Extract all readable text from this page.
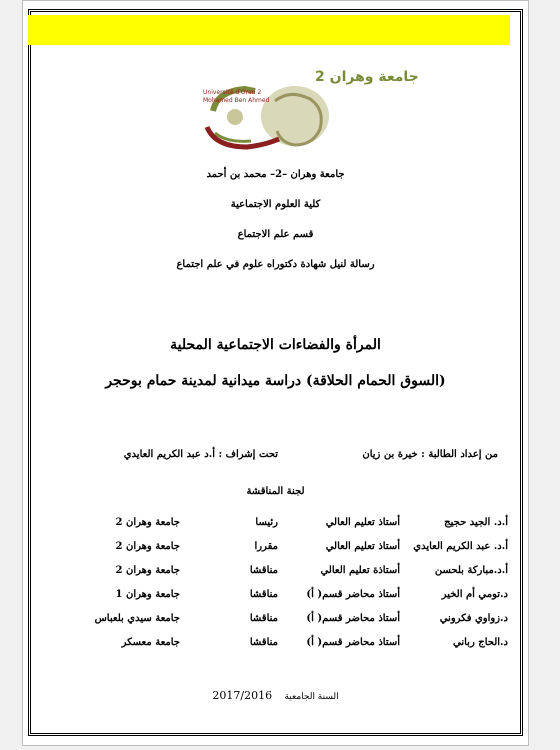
جامعة وهران 2
Université d'Oran 2
Mohamed Ben Ahmed
جامعة وهران –2– محمد بن أحمد
كلية العلوم الاجتماعية
قسم علم الاجتماع
رسالة لنيل شهادة دكتوراه علوم في علم اجتماع
المرأة والفضاءات الاجتماعية المحلية
(السوق الحمام الحلاقة) دراسة ميدانية لمدينة حمام بوحجر
من إعداد الطالبة : خيرة بن زيان
تحت إشراف : أ.د عبد الكريم العايدي
لجنة المناقشة
أ.د. الجيد حجيج
أستاذ تعليم العالي
رئيسا
جامعة وهران 2
أ.د. عبد الكريم العايدي
أستاذ تعليم العالي
مقررا
جامعة وهران 2
أ.د.مباركة بلحسن
أستاذة تعليم العالي
مناقشا
جامعة وهران 2
د.تومي أم الخير
أستاذ محاضر قسم( أ)
مناقشا
جامعة وهران 1
د.زواوي فكروني
أستاذ محاضر قسم( أ)
مناقشا
جامعة سيدي بلعباس
د.الحاج رباني
أستاذ محاضر قسم( أ)
مناقشا
جامعة معسكر
السنة الجامعية  2017/2016
